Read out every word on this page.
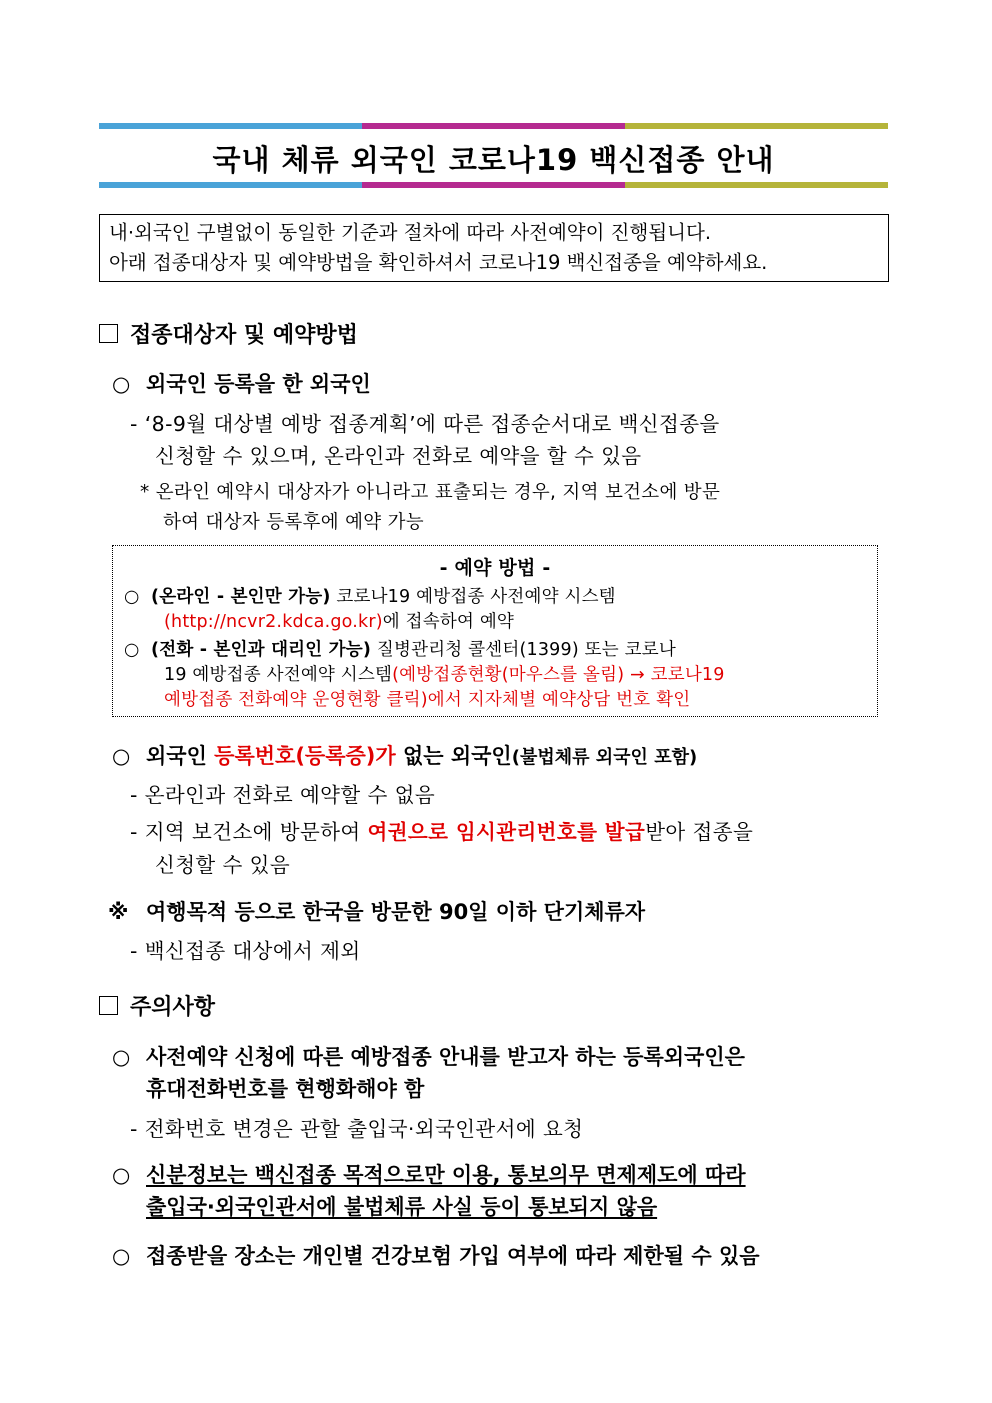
국내 체류 외국인 코로나19 백신접종 안내
내·외국인 구별없이 동일한 기준과 절차에 따라 사전예약이 진행됩니다.
아래 접종대상자 및 예약방법을 확인하셔서 코로나19 백신접종을 예약하세요.
접종대상자 및 예약방법
○ 외국인 등록을 한 외국인
- ‘8-9월 대상별 예방 접종계획’에 따른 접종순서대로 백신접종을
신청할 수 있으며, 온라인과 전화로 예약을 할 수 있음
* 온라인 예약시 대상자가 아니라고 표출되는 경우, 지역 보건소에 방문
하여 대상자 등록후에 예약 가능
- 예약 방법 -
○ (온라인 - 본인만 가능) 코로나19 예방접종 사전예약 시스템
(http://ncvr2.kdca.go.kr)에 접속하여 예약
○ (전화 - 본인과 대리인 가능) 질병관리청 콜센터(1399) 또는 코로나
19 예방접종 사전예약 시스템(예방접종현황(마우스를 올림) → 코로나19
예방접종 전화예약 운영현황 클릭)에서 지자체별 예약상담 번호 확인
○ 외국인 등록번호(등록증)가 없는 외국인(불법체류 외국인 포함)
- 온라인과 전화로 예약할 수 없음
- 지역 보건소에 방문하여 여권으로 임시관리번호를 발급받아 접종을
신청할 수 있음
※ 여행목적 등으로 한국을 방문한 90일 이하 단기체류자
- 백신접종 대상에서 제외
주의사항
○ 사전예약 신청에 따른 예방접종 안내를 받고자 하는 등록외국인은
휴대전화번호를 현행화해야 함
- 전화번호 변경은 관할 출입국·외국인관서에 요청
○ 신분정보는 백신접종 목적으로만 이용, 통보의무 면제제도에 따라
출입국·외국인관서에 불법체류 사실 등이 통보되지 않음
○ 접종받을 장소는 개인별 건강보험 가입 여부에 따라 제한될 수 있음
